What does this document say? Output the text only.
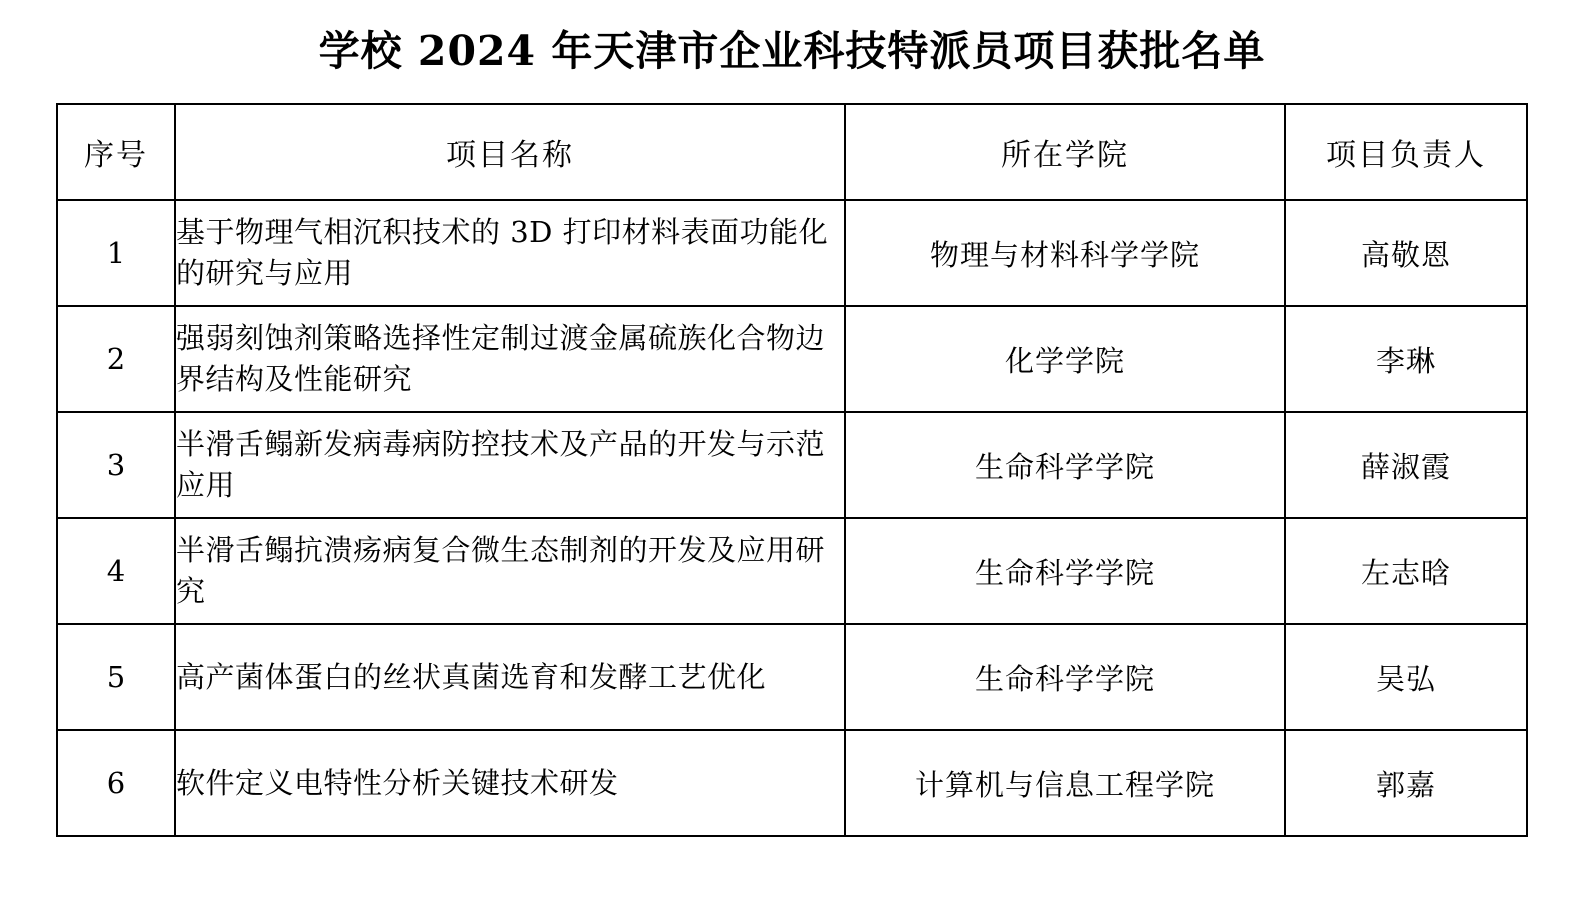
学校 2024 年天津市企业科技特派员项目获批名单
序号	项目名称	所在学院	项目负责人
1	基于物理气相沉积技术的 3D 打印材料表面功能化的研究与应用	物理与材料科学学院	高敬恩
2	强弱刻蚀剂策略选择性定制过渡金属硫族化合物边界结构及性能研究	化学学院	李琳
3	半滑舌鳎新发病毒病防控技术及产品的开发与示范应用	生命科学学院	薛淑霞
4	半滑舌鳎抗溃疡病复合微生态制剂的开发及应用研究	生命科学学院	左志晗
5	高产菌体蛋白的丝状真菌选育和发酵工艺优化	生命科学学院	吴弘
6	软件定义电特性分析关键技术研发	计算机与信息工程学院	郭嘉
